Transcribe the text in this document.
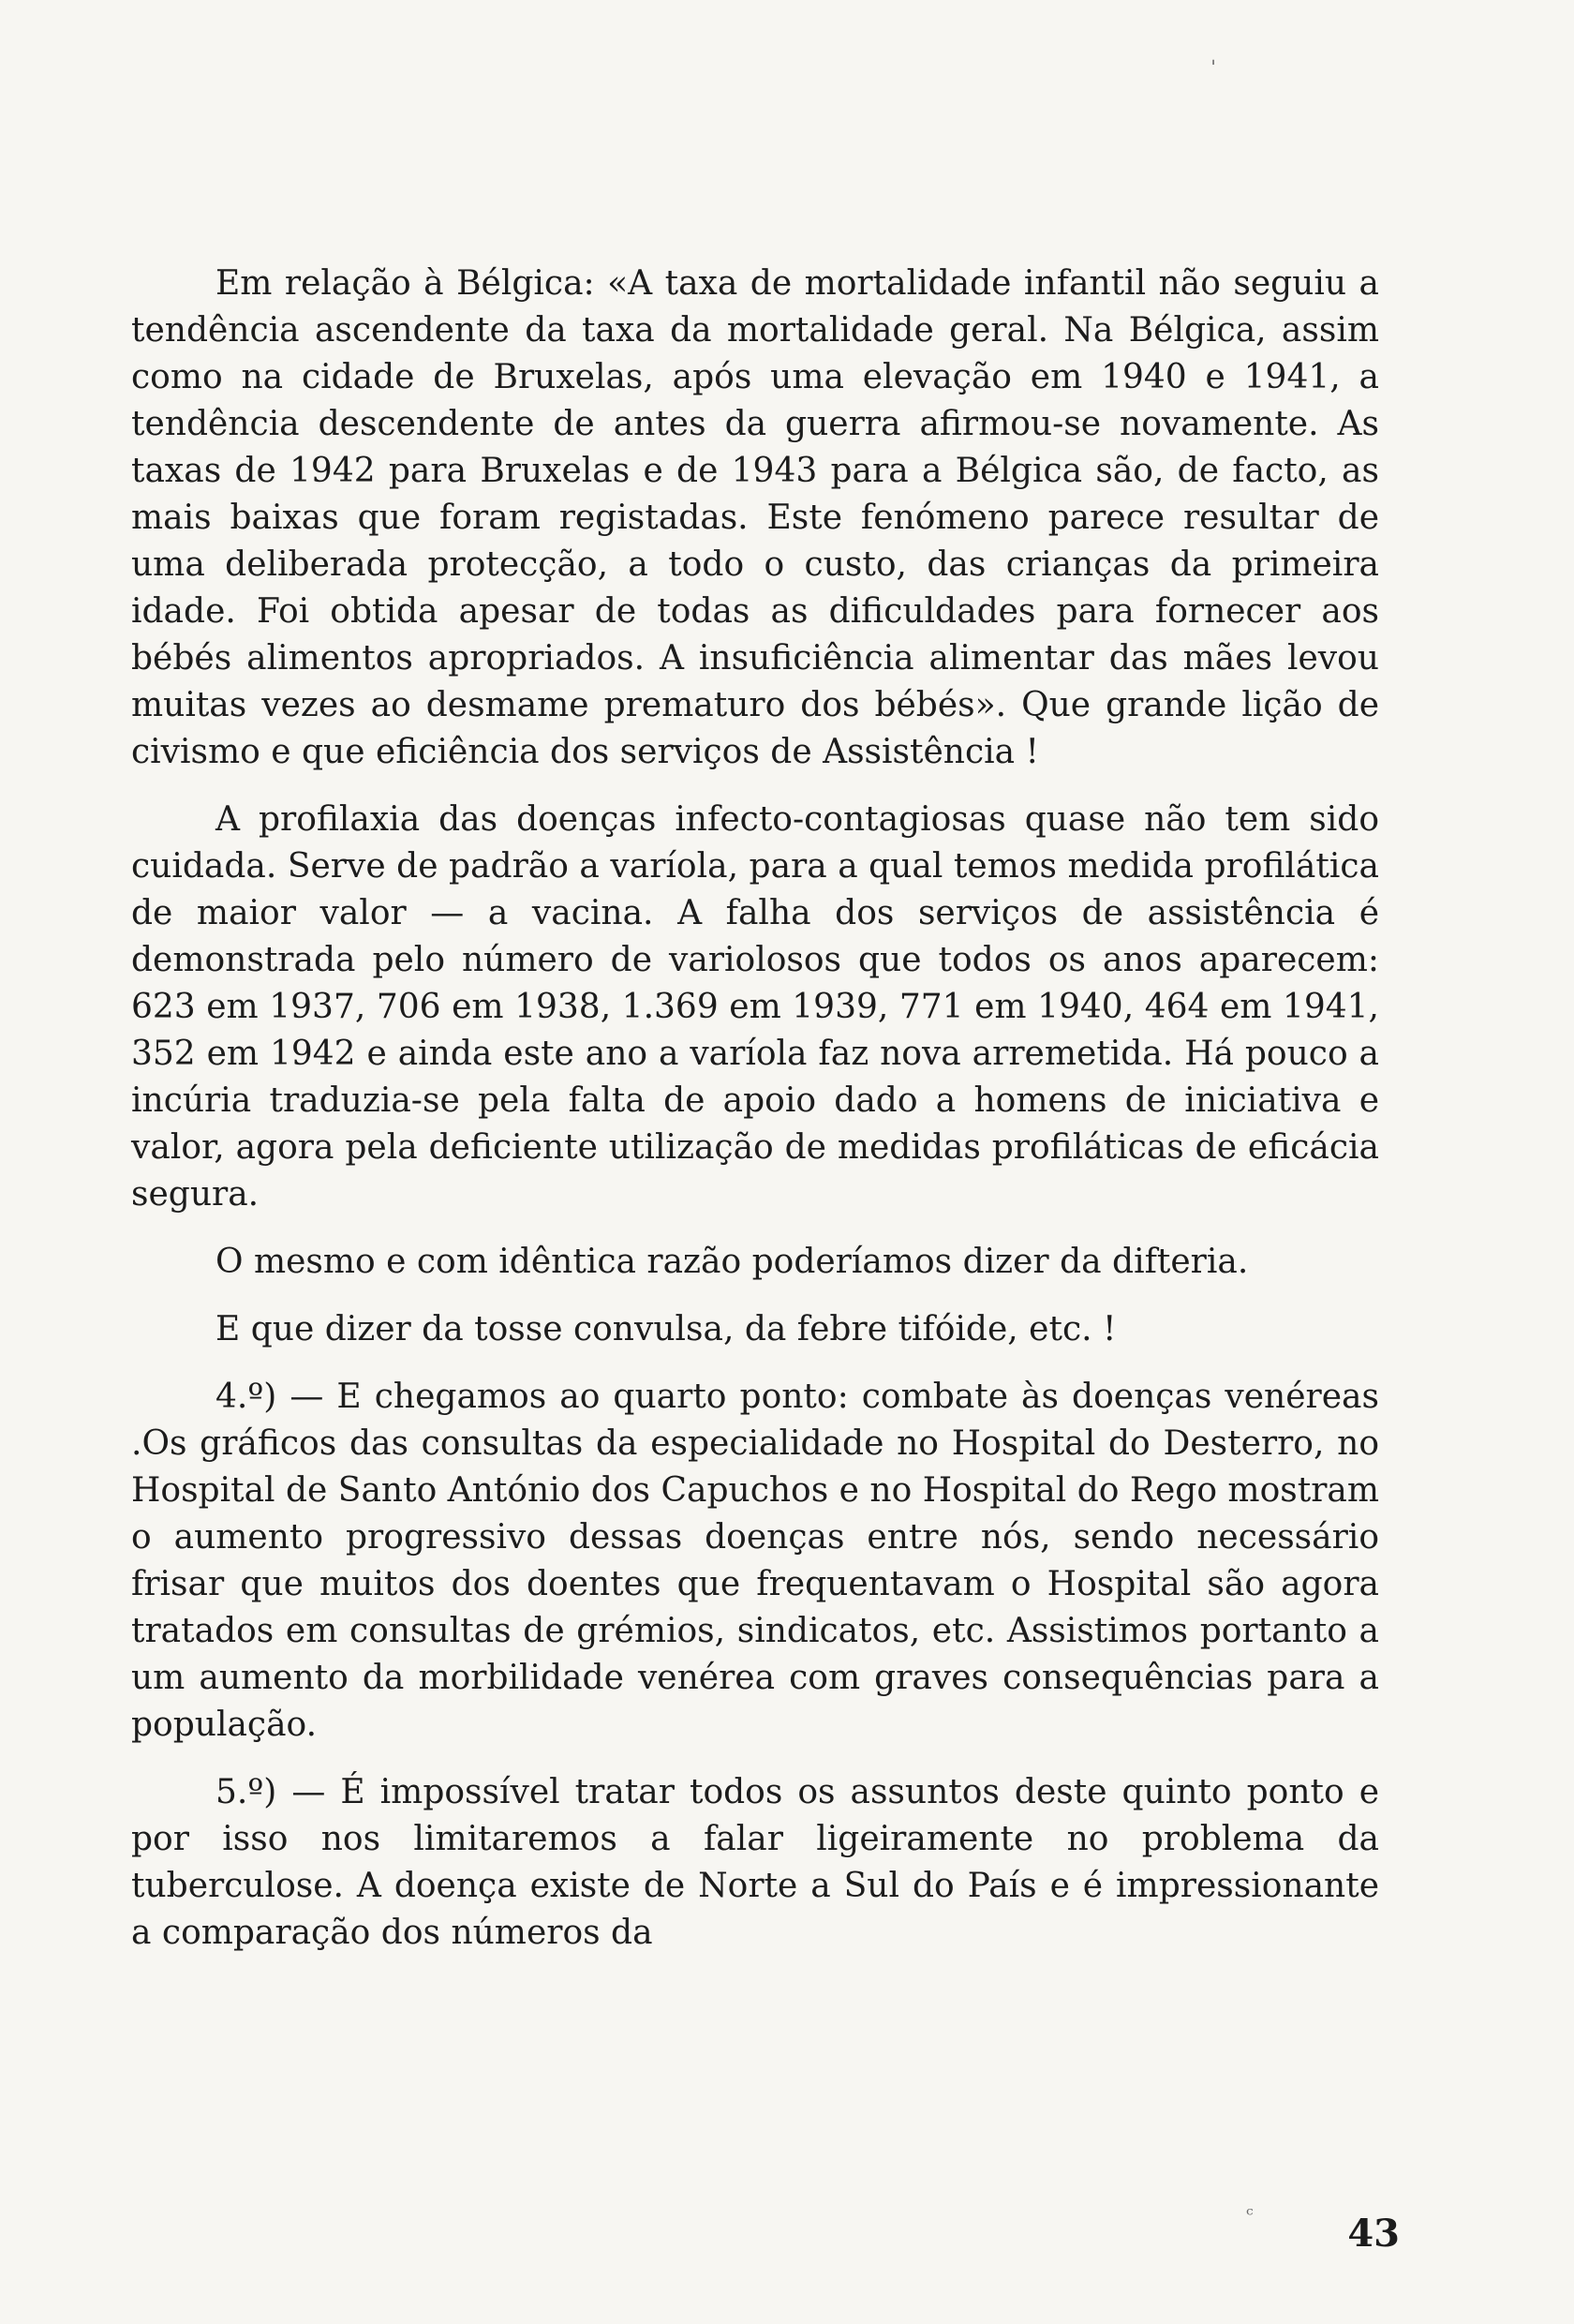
ˈ

Em relação à Bélgica: «A taxa de mortalidade infantil não seguiu a tendência ascendente da taxa da mortalidade geral. Na Bélgica, assim como na cidade de Bruxelas, após uma elevação em 1940 e 1941, a tendência descendente de antes da guerra afirmou-se novamente. As taxas de 1942 para Bruxelas e de 1943 para a Bélgica são, de facto, as mais baixas que foram registadas. Este fenómeno parece resultar de uma deliberada protecção, a todo o custo, das crianças da primeira idade. Foi obtida apesar de todas as dificuldades para fornecer aos bébés alimentos apropriados. A insuficiência alimentar das mães levou muitas vezes ao desmame prematuro dos bébés». Que grande lição de civismo e que eficiência dos serviços de Assistência !

A profilaxia das doenças infecto-contagiosas quase não tem sido cuidada. Serve de padrão a varíola, para a qual temos medida profilática de maior valor — a vacina. A falha dos serviços de assistência é demonstrada pelo número de variolosos que todos os anos aparecem: 623 em 1937, 706 em 1938, 1.369 em 1939, 771 em 1940, 464 em 1941, 352 em 1942 e ainda este ano a varíola faz nova arremetida. Há pouco a incúria traduzia-se pela falta de apoio dado a homens de iniciativa e valor, agora pela deficiente utilização de medidas profiláticas de eficácia segura.

O mesmo e com idêntica razão poderíamos dizer da difteria.

E que dizer da tosse convulsa, da febre tifóide, etc. !

4.º) — E chegamos ao quarto ponto: combate às doenças venéreas .Os gráficos das consultas da especialidade no Hospital do Desterro, no Hospital de Santo António dos Capuchos e no Hospital do Rego mostram o aumento progressivo dessas doenças entre nós, sendo necessário frisar que muitos dos doentes que frequentavam o Hospital são agora tratados em consultas de grémios, sindicatos, etc. Assistimos portanto a um aumento da morbilidade venérea com graves consequências para a população.

5.º) — É impossível tratar todos os assuntos deste quinto ponto e por isso nos limitaremos a falar ligeiramente no problema da tuberculose. A doença existe de Norte a Sul do País e é impressionante a comparação dos números da

ᶜ	43
